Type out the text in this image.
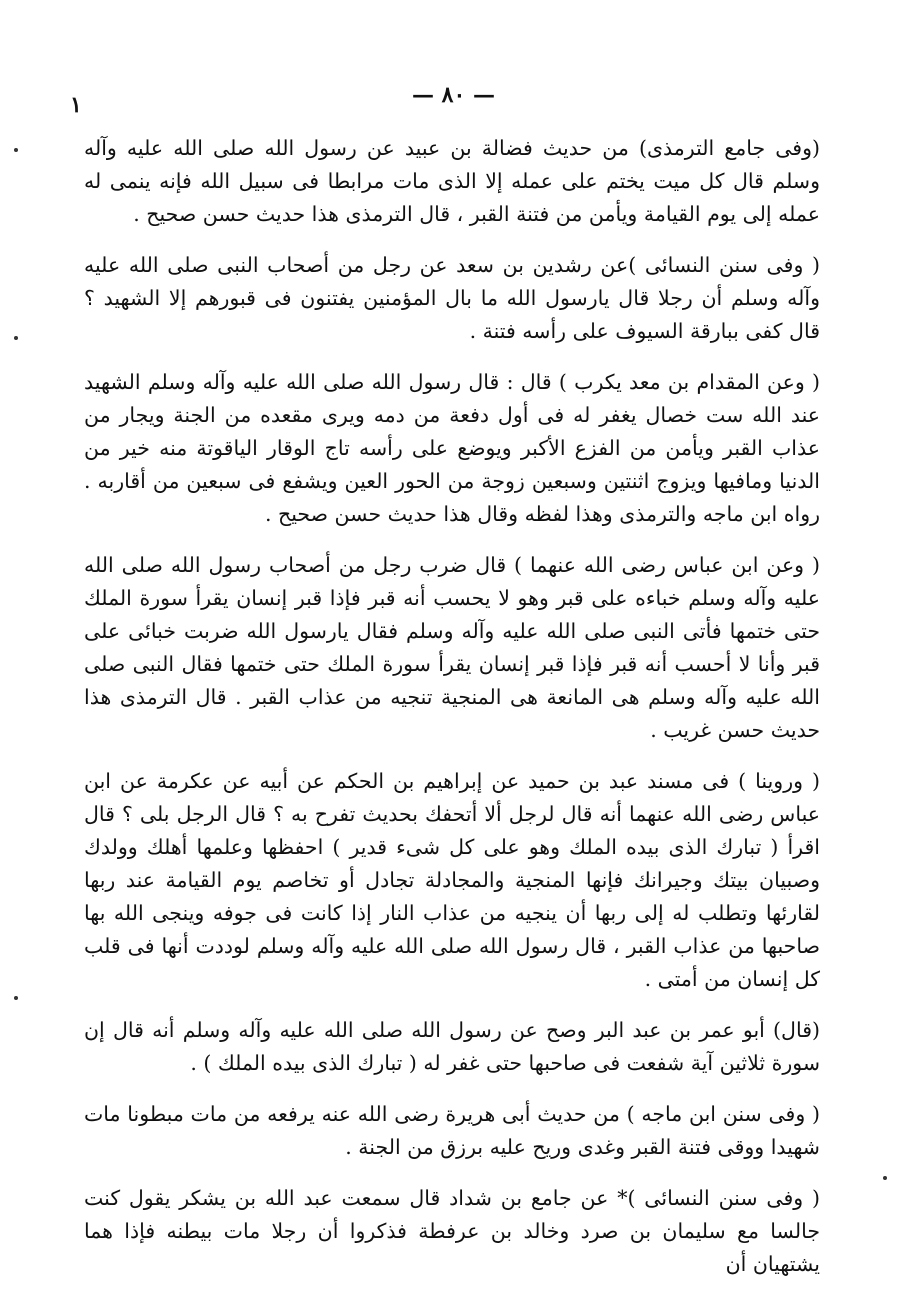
— ٨٠ —
١

(وفى جامع الترمذى) من حديث فضالة بن عبيد عن رسول الله صلى الله عليه وآله وسلم قال كل ميت يختم على عمله إلا الذى مات مرابطا فى سبيل الله فإنه ينمى له عمله إلى يوم القيامة ويأمن من فتنة القبر ، قال الترمذى هذا حديث حسن صحيح .

( وفى سنن النسائى )عن رشدين بن سعد عن رجل من أصحاب النبى صلى الله عليه وآله وسلم أن رجلا قال يارسول الله ما بال المؤمنين يفتنون فى قبورهم إلا الشهيد ؟ قال كفى ببارقة السيوف على رأسه فتنة .

( وعن المقدام بن معد يكرب ) قال : قال رسول الله صلى الله عليه وآله وسلم الشهيد عند الله ست خصال يغفر له فى أول دفعة من دمه ويرى مقعده من الجنة ويجار من عذاب القبر ويأمن من الفزع الأكبر ويوضع على رأسه تاج الوقار الياقوتة منه خير من الدنيا ومافيها ويزوج اثنتين وسبعين زوجة من الحور العين ويشفع فى سبعين من أقاربه . رواه ابن ماجه والترمذى وهذا لفظه وقال هذا حديث حسن صحيح .

( وعن ابن عباس رضى الله عنهما ) قال ضرب رجل من أصحاب رسول الله صلى الله عليه وآله وسلم خباءه على قبر وهو لا يحسب أنه قبر فإذا قبر إنسان يقرأ سورة الملك حتى ختمها فأتى النبى صلى الله عليه وآله وسلم فقال يارسول الله ضربت خبائى على قبر وأنا لا أحسب أنه قبر فإذا قبر إنسان يقرأ سورة الملك حتى ختمها فقال النبى صلى الله عليه وآله وسلم هى المانعة هى المنجية تنجيه من عذاب القبر . قال الترمذى هذا حديث حسن غريب .

( وروينا ) فى مسند عبد بن حميد عن إبراهيم بن الحكم عن أبيه عن عكرمة عن ابن عباس رضى الله عنهما أنه قال لرجل ألا أتحفك بحديث تفرح به ؟ قال الرجل بلى ؟ قال اقرأ ( تبارك الذى بيده الملك وهو على كل شىء قدير ) احفظها وعلمها أهلك وولدك وصبيان بيتك وجيرانك فإنها المنجية والمجادلة تجادل أو تخاصم يوم القيامة عند ربها لقارئها وتطلب له إلى ربها أن ينجيه من عذاب النار إذا كانت فى جوفه وينجى الله بها صاحبها من عذاب القبر ، قال رسول الله صلى الله عليه وآله وسلم لوددت أنها فى قلب كل إنسان من أمتى .

(قال) أبو عمر بن عبد البر وصح عن رسول الله صلى الله عليه وآله وسلم أنه قال إن سورة ثلاثين آية شفعت فى صاحبها حتى غفر له ( تبارك الذى بيده الملك ) .

( وفى سنن ابن ماجه ) من حديث أبى هريرة رضى الله عنه يرفعه من مات مبطونا مات شهيدا ووقى فتنة القبر وغدى وريح عليه برزق من الجنة .

( وفى سنن النسائى )* عن جامع بن شداد قال سمعت عبد الله بن يشكر يقول كنت جالسا مع سليمان بن صرد وخالد بن عرفطة فذكروا أن رجلا مات بيطنه فإذا هما يشتهيان أن
